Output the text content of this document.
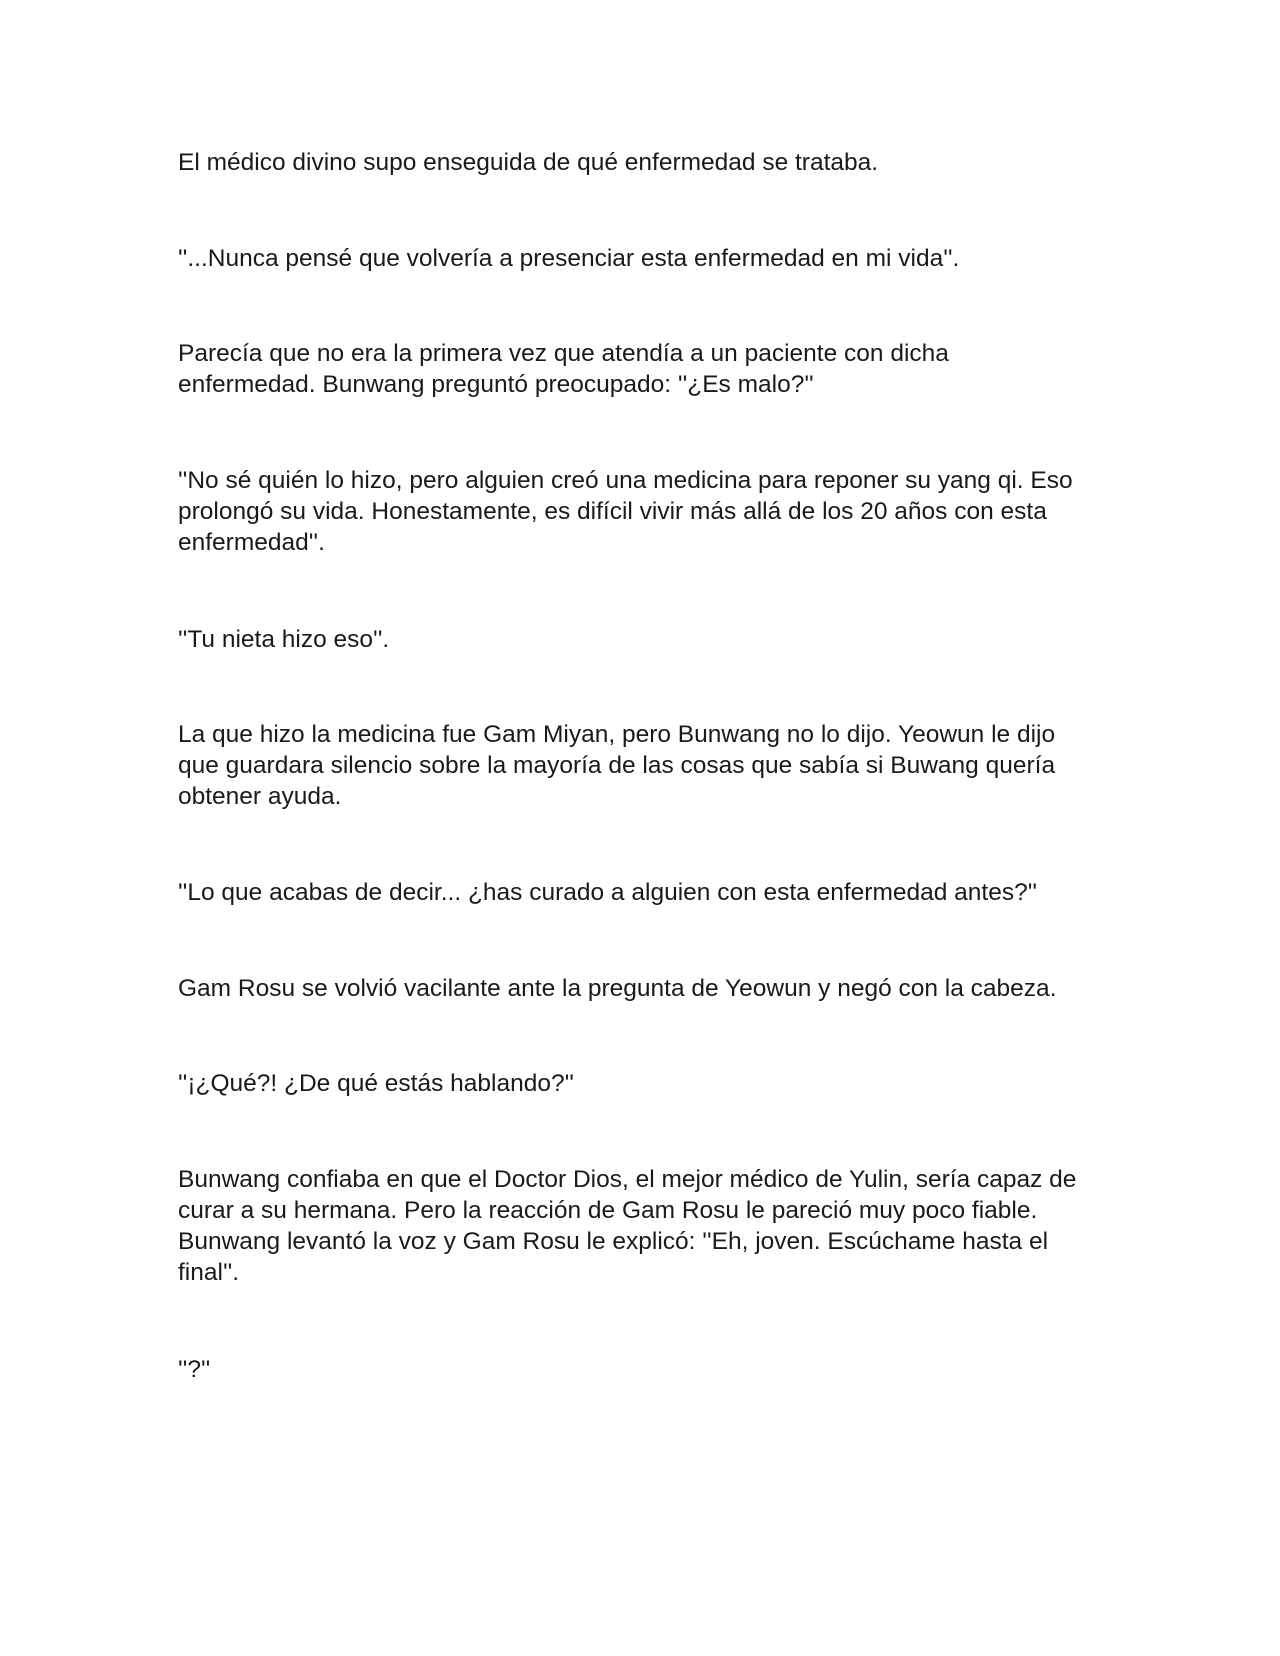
El médico divino supo enseguida de qué enfermedad se trataba.

''...Nunca pensé que volvería a presenciar esta enfermedad en mi vida''.

Parecía que no era la primera vez que atendía a un paciente con dicha
enfermedad. Bunwang preguntó preocupado: ''¿Es malo?''

''No sé quién lo hizo, pero alguien creó una medicina para reponer su yang qi. Eso
prolongó su vida. Honestamente, es difícil vivir más allá de los 20 años con esta
enfermedad''.

''Tu nieta hizo eso''.

La que hizo la medicina fue Gam Miyan, pero Bunwang no lo dijo. Yeowun le dijo
que guardara silencio sobre la mayoría de las cosas que sabía si Buwang quería
obtener ayuda.

''Lo que acabas de decir... ¿has curado a alguien con esta enfermedad antes?''

Gam Rosu se volvió vacilante ante la pregunta de Yeowun y negó con la cabeza.

''¡¿Qué?! ¿De qué estás hablando?''

Bunwang confiaba en que el Doctor Dios, el mejor médico de Yulin, sería capaz de
curar a su hermana. Pero la reacción de Gam Rosu le pareció muy poco fiable.
Bunwang levantó la voz y Gam Rosu le explicó: ''Eh, joven. Escúchame hasta el
final''.

''?''
